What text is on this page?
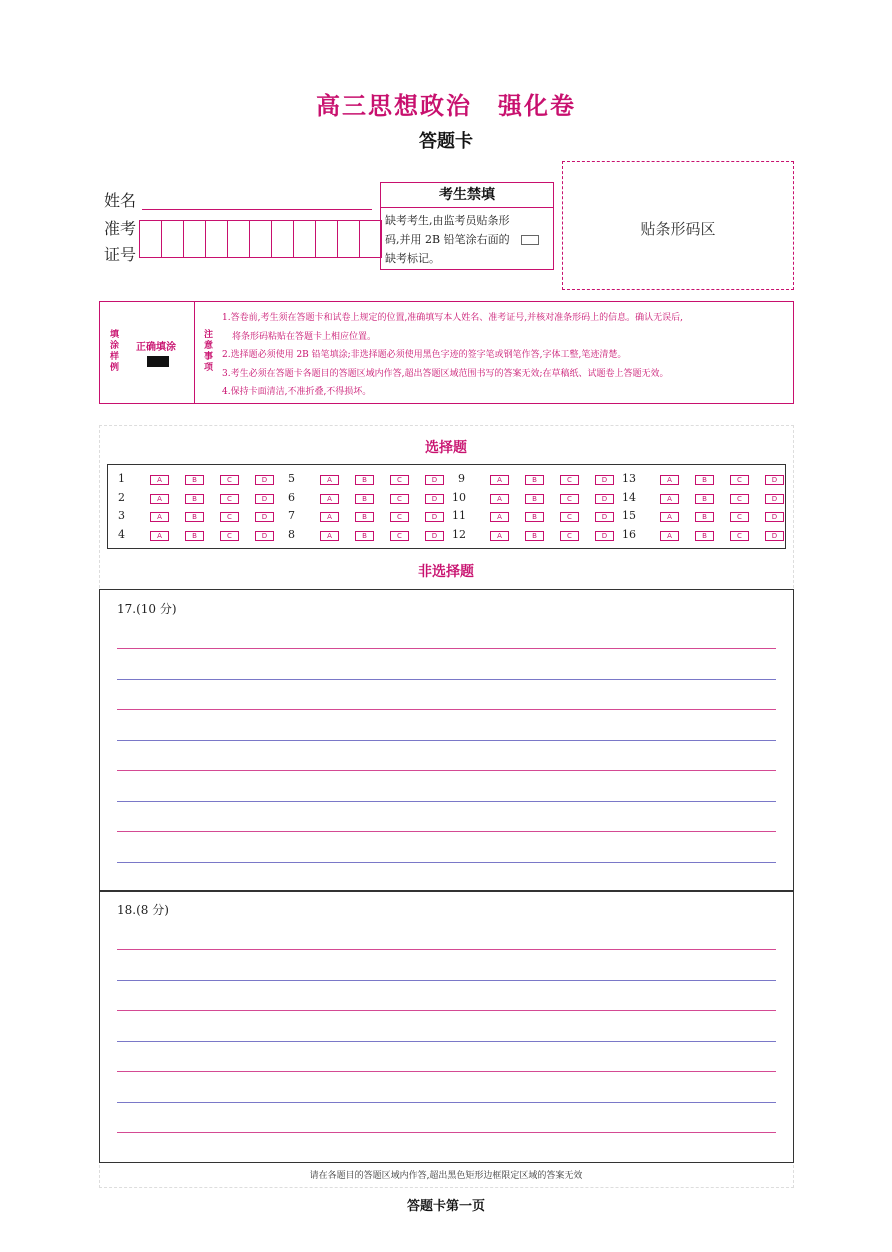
高三思想政治　强化卷
答题卡
姓名
准考
证号
考生禁填
缺考考生,由监考员贴条形码,并用 2B 铅笔涂右面的缺考标记。
贴条形码区
填涂样例
正确填涂
注意事项
1.答卷前,考生须在答题卡和试卷上规定的位置,准确填写本人姓名、准考证号,并核对准条形码上的信息。确认无误后,
将条形码粘贴在答题卡上相应位置。
2.选择题必须使用 2B 铅笔填涂;非选择题必须使用黑色字迹的签字笔或钢笔作答,字体工整,笔迹清楚。
3.考生必须在答题卡各题目的答题区域内作答,超出答题区域范围书写的答案无效;在草稿纸、试题卷上答题无效。
4.保持卡面清洁,不准折叠,不得损坏。
选择题
1	A	B	C	D	5	A	B	C	D	9	A	B	C	D	13	A	B	C	D
2	A	B	C	D	6	A	B	C	D	10	A	B	C	D	14	A	B	C	D
3	A	B	C	D	7	A	B	C	D	11	A	B	C	D	15	A	B	C	D
4	A	B	C	D	8	A	B	C	D	12	A	B	C	D	16	A	B	C	D
非选择题
17.(10 分)
18.(8 分)
请在各题目的答题区域内作答,超出黑色矩形边框限定区域的答案无效
答题卡第一页
